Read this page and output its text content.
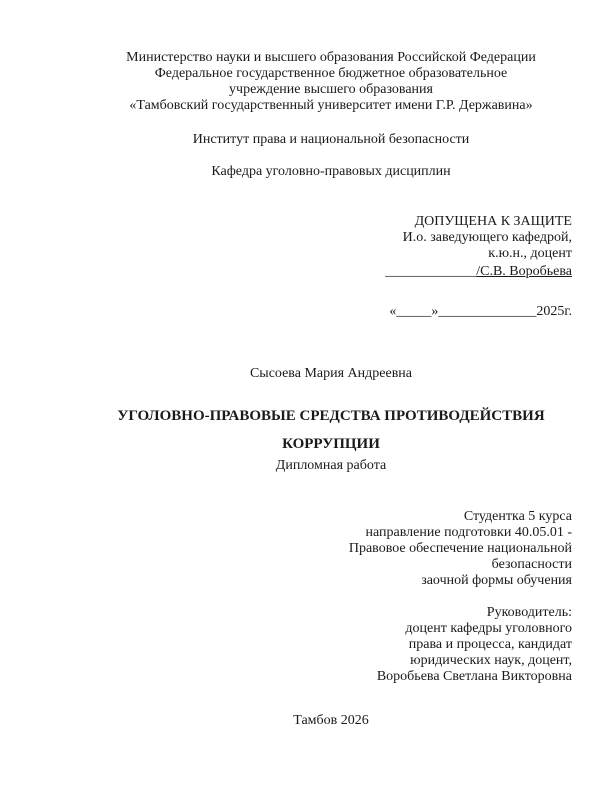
Министерство науки и высшего образования Российской Федерации
Федеральное государственное бюджетное образовательное
учреждение высшего образования
«Тамбовский государственный университет имени Г.Р. Державина»
Институт права и национальной безопасности
Кафедра уголовно-правовых дисциплин
ДОПУЩЕНА К ЗАЩИТЕ
И.о. заведующего кафедрой,
к.ю.н., доцент
_____________/С.В. Воробьева
«_____»______________2025г.
Сысоева Мария Андреевна
УГОЛОВНО-ПРАВОВЫЕ СРЕДСТВА ПРОТИВОДЕЙСТВИЯ
КОРРУПЦИИ
Дипломная работа
Студентка 5 курса
направление подготовки 40.05.01 -
Правовое обеспечение национальной
безопасности
заочной формы обучения
Руководитель:
доцент кафедры уголовного
права и процесса, кандидат
юридических наук, доцент,
Воробьева Светлана Викторовна
Тамбов 2026
